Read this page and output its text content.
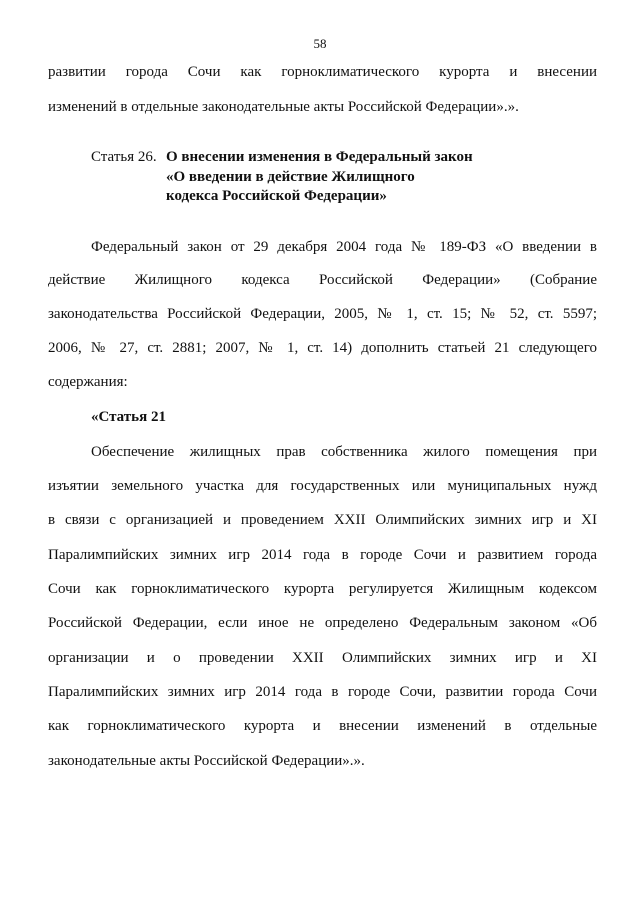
58
развитии города Сочи как горноклиматического курорта и внесении
изменений в отдельные законодательные акты Российской Федерации».».
Статья 26. О внесении изменения в Федеральный закон
«О введении в действие Жилищного
кодекса Российской Федерации»
Федеральный закон от 29 декабря 2004 года № 189-ФЗ «О введении в
действие Жилищного кодекса Российской Федерации» (Собрание
законодательства Российской Федерации, 2005, № 1, ст. 15; № 52, ст. 5597;
2006, № 27, ст. 2881; 2007, № 1, ст. 14) дополнить статьей 21 следующего
содержания:
«Статья 21
Обеспечение жилищных прав собственника жилого помещения при
изъятии земельного участка для государственных или муниципальных нужд
в связи с организацией и проведением XXII Олимпийских зимних игр и XI
Паралимпийских зимних игр 2014 года в городе Сочи и развитием города
Сочи как горноклиматического курорта регулируется Жилищным кодексом
Российской Федерации, если иное не определено Федеральным законом «Об
организации и о проведении XXII Олимпийских зимних игр и XI
Паралимпийских зимних игр 2014 года в городе Сочи, развитии города Сочи
как горноклиматического курорта и внесении изменений в отдельные
законодательные акты Российской Федерации».».
